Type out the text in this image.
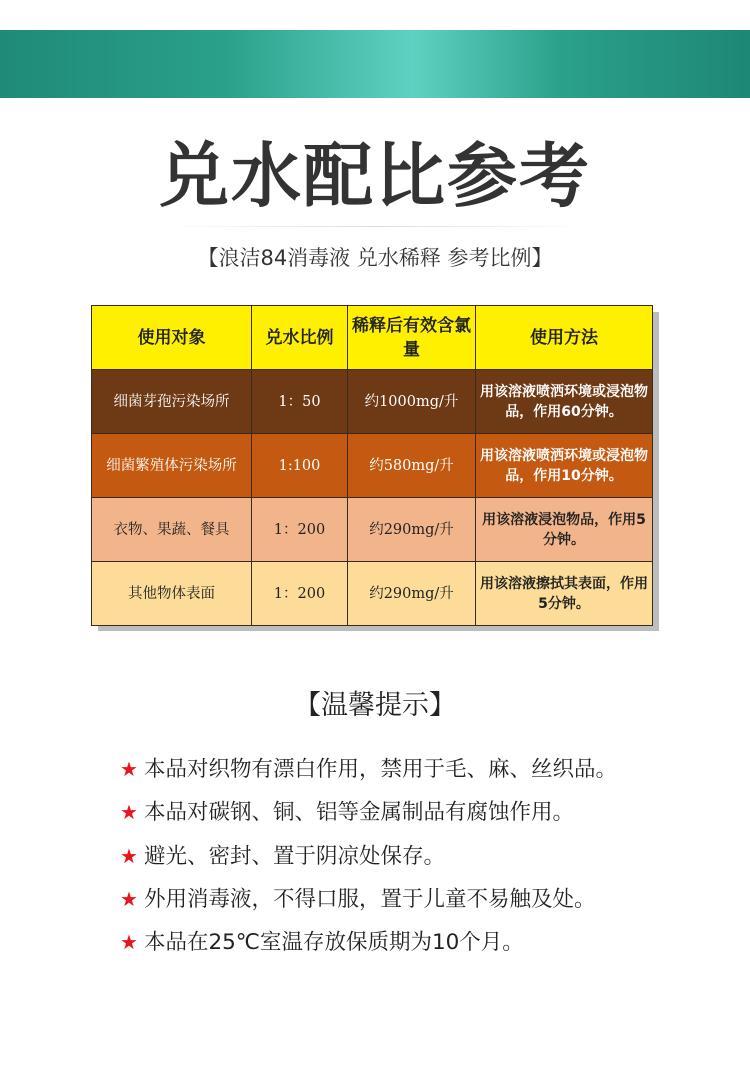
兑水配比参考
【浪洁84消毒液 兑水稀释 参考比例】
使用对象	兑水比例	稀释后有效含氯量	使用方法
细菌芽孢污染场所	1：50	约1000mg/升	用该溶液喷洒环境或浸泡物品，作用60分钟。
细菌繁殖体污染场所	1:100	约580mg/升	用该溶液喷洒环境或浸泡物品，作用10分钟。
衣物、果蔬、餐具	1：200	约290mg/升	用该溶液浸泡物品，作用5分钟。
其他物体表面	1：200	约290mg/升	用该溶液擦拭其表面，作用5分钟。
【温馨提示】
★ 本品对织物有漂白作用，禁用于毛、麻、丝织品。
★ 本品对碳钢、铜、铝等金属制品有腐蚀作用。
★ 避光、密封、置于阴凉处保存。
★ 外用消毒液，不得口服，置于儿童不易触及处。
★ 本品在25℃室温存放保质期为10个月。
